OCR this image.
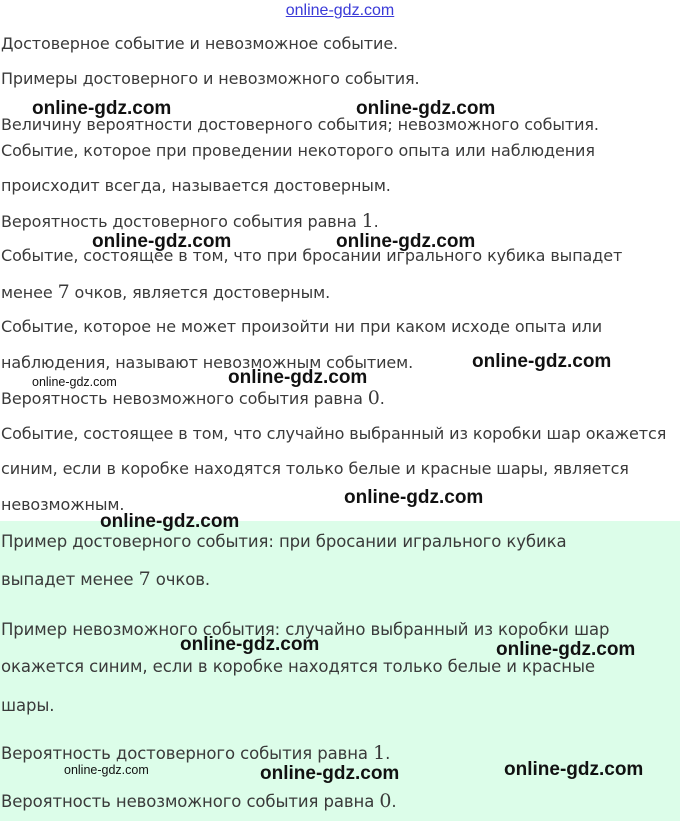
online-gdz.com
Достоверное событие и невозможное событие.
Примеры достоверного и невозможного события.
Величину вероятности достоверного события; невозможного события.
Событие, которое при проведении некоторого опыта или наблюдения
происходит всегда, называется достоверным.
Вероятность достоверного события равна 1.
Событие, состоящее в том, что при бросании игрального кубика выпадет
менее 7 очков, является достоверным.
Событие, которое не может произойти ни при каком исходе опыта или
наблюдения, называют невозможным событием.
Вероятность невозможного события равна 0.
Событие, состоящее в том, что случайно выбранный из коробки шар окажется
синим, если в коробке находятся только белые и красные шары, является
невозможным.
Пример достоверного события: при бросании игрального кубика
выпадет менее 7 очков.
Пример невозможного события: случайно выбранный из коробки шар
окажется синим, если в коробке находятся только белые и красные
шары.
Вероятность достоверного события равна 1.
Вероятность невозможного события равна 0.
online-gdz.com	online-gdz.com
online-gdz.com	online-gdz.com
online-gdz.com
online-gdz.com
online-gdz.com
online-gdz.com
online-gdz.com
online-gdz.com	online-gdz.com
online-gdz.com	online-gdz.com	online-gdz.com
